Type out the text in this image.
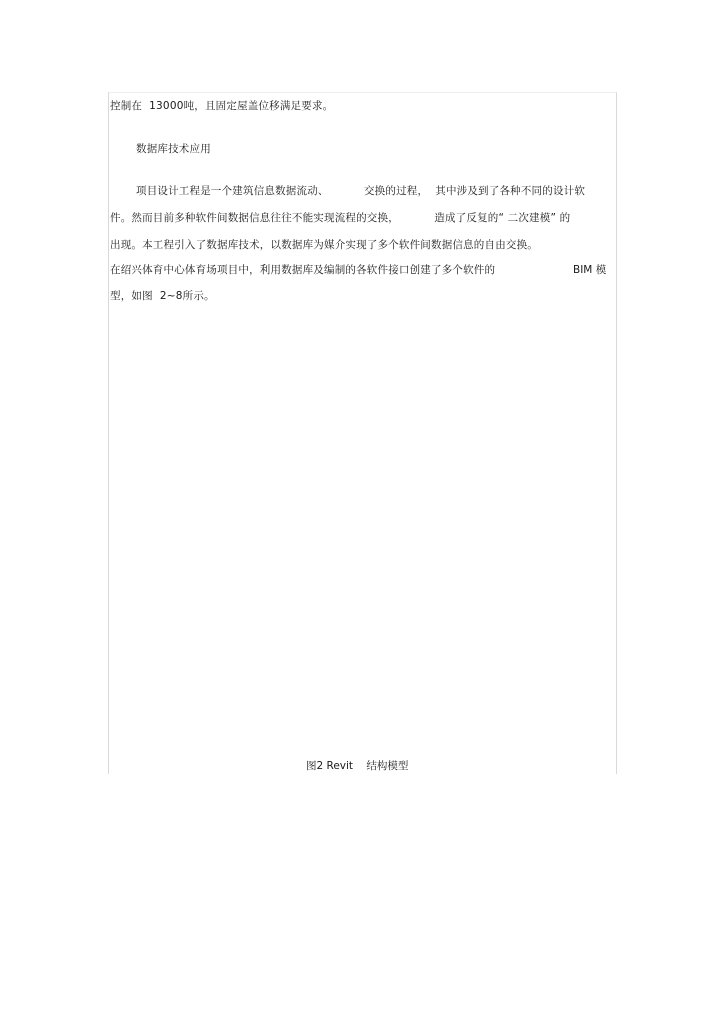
控制在  13000吨，且固定屋盖位移满足要求。
数据库技术应用
项目设计工程是一个建筑信息数据流动、          交换的过程，  其中涉及到了各种不同的设计软
件。然而目前多种软件间数据信息往往不能实现流程的交换，          造成了反复的“ 二次建模” 的
出现。本工程引入了数据库技术，以数据库为媒介实现了多个软件间数据信息的自由交换。
在绍兴体育中心体育场项目中，利用数据库及编制的各软件接口创建了多个软件的	BIM 模
型，如图  2~8所示。
图2 Revit    结构模型
